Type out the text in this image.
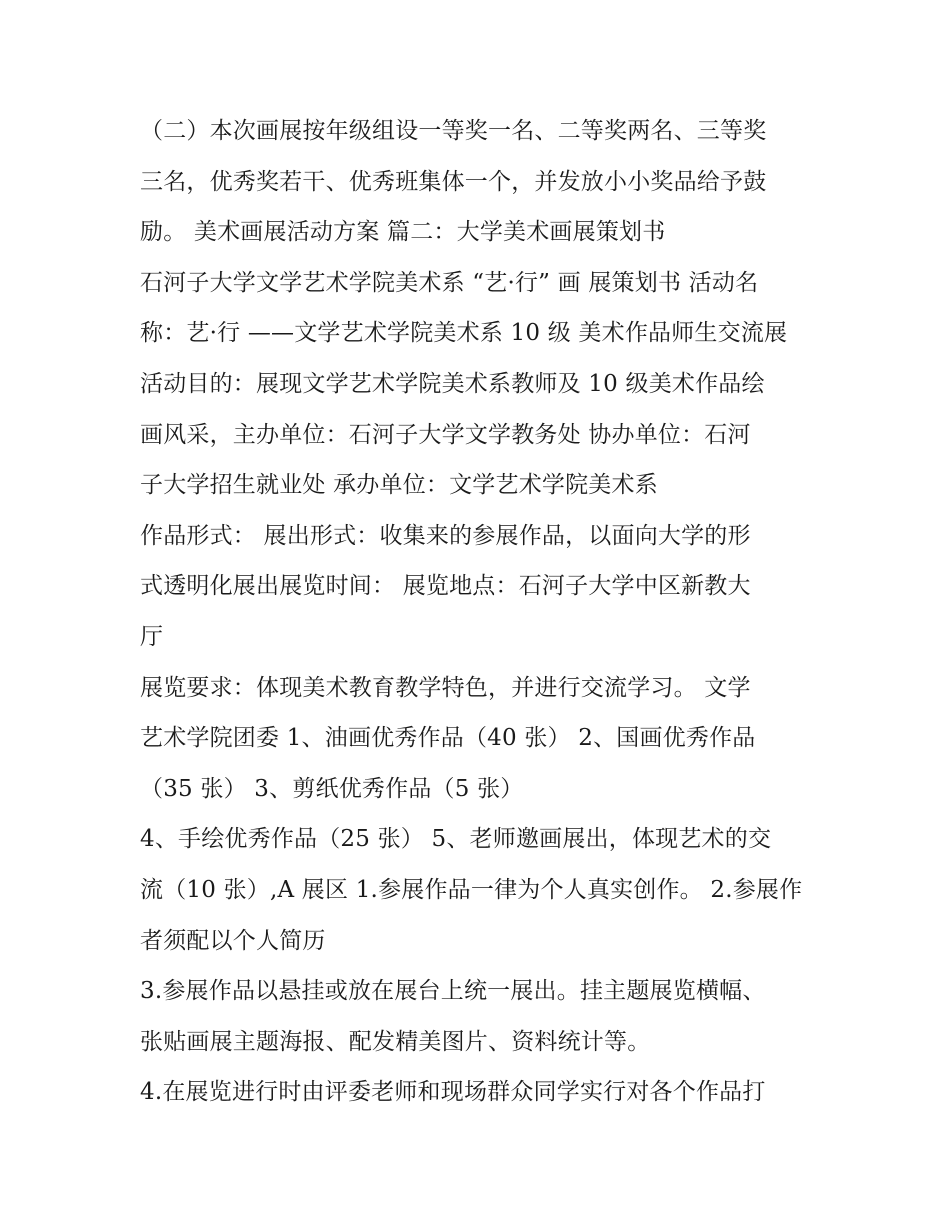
（二）本次画展按年级组设一等奖一名、二等奖两名、三等奖
三名，优秀奖若干、优秀班集体一个，并发放小小奖品给予鼓
励。 美术画展活动方案 篇二：大学美术画展策划书
石河子大学文学艺术学院美术系 “艺·行” 画 展策划书 活动名
称：艺·行 ——文学艺术学院美术系 10 级 美术作品师生交流展
活动目的：展现文学艺术学院美术系教师及 10 级美术作品绘
画风采，主办单位：石河子大学文学教务处 协办单位：石河
子大学招生就业处 承办单位：文学艺术学院美术系
作品形式： 展出形式：收集来的参展作品，以面向大学的形
式透明化展出展览时间： 展览地点：石河子大学中区新教大
厅
展览要求：体现美术教育教学特色，并进行交流学习。 文学
艺术学院团委 1、油画优秀作品（40 张） 2、国画优秀作品
（35 张） 3、剪纸优秀作品（5 张）
4、手绘优秀作品（25 张） 5、老师邀画展出，体现艺术的交
流（10 张）,A 展区 1.参展作品一律为个人真实创作。 2.参展作
者须配以个人简历
3.参展作品以悬挂或放在展台上统一展出。挂主题展览横幅、
张贴画展主题海报、配发精美图片、资料统计等。
4.在展览进行时由评委老师和现场群众同学实行对各个作品打
